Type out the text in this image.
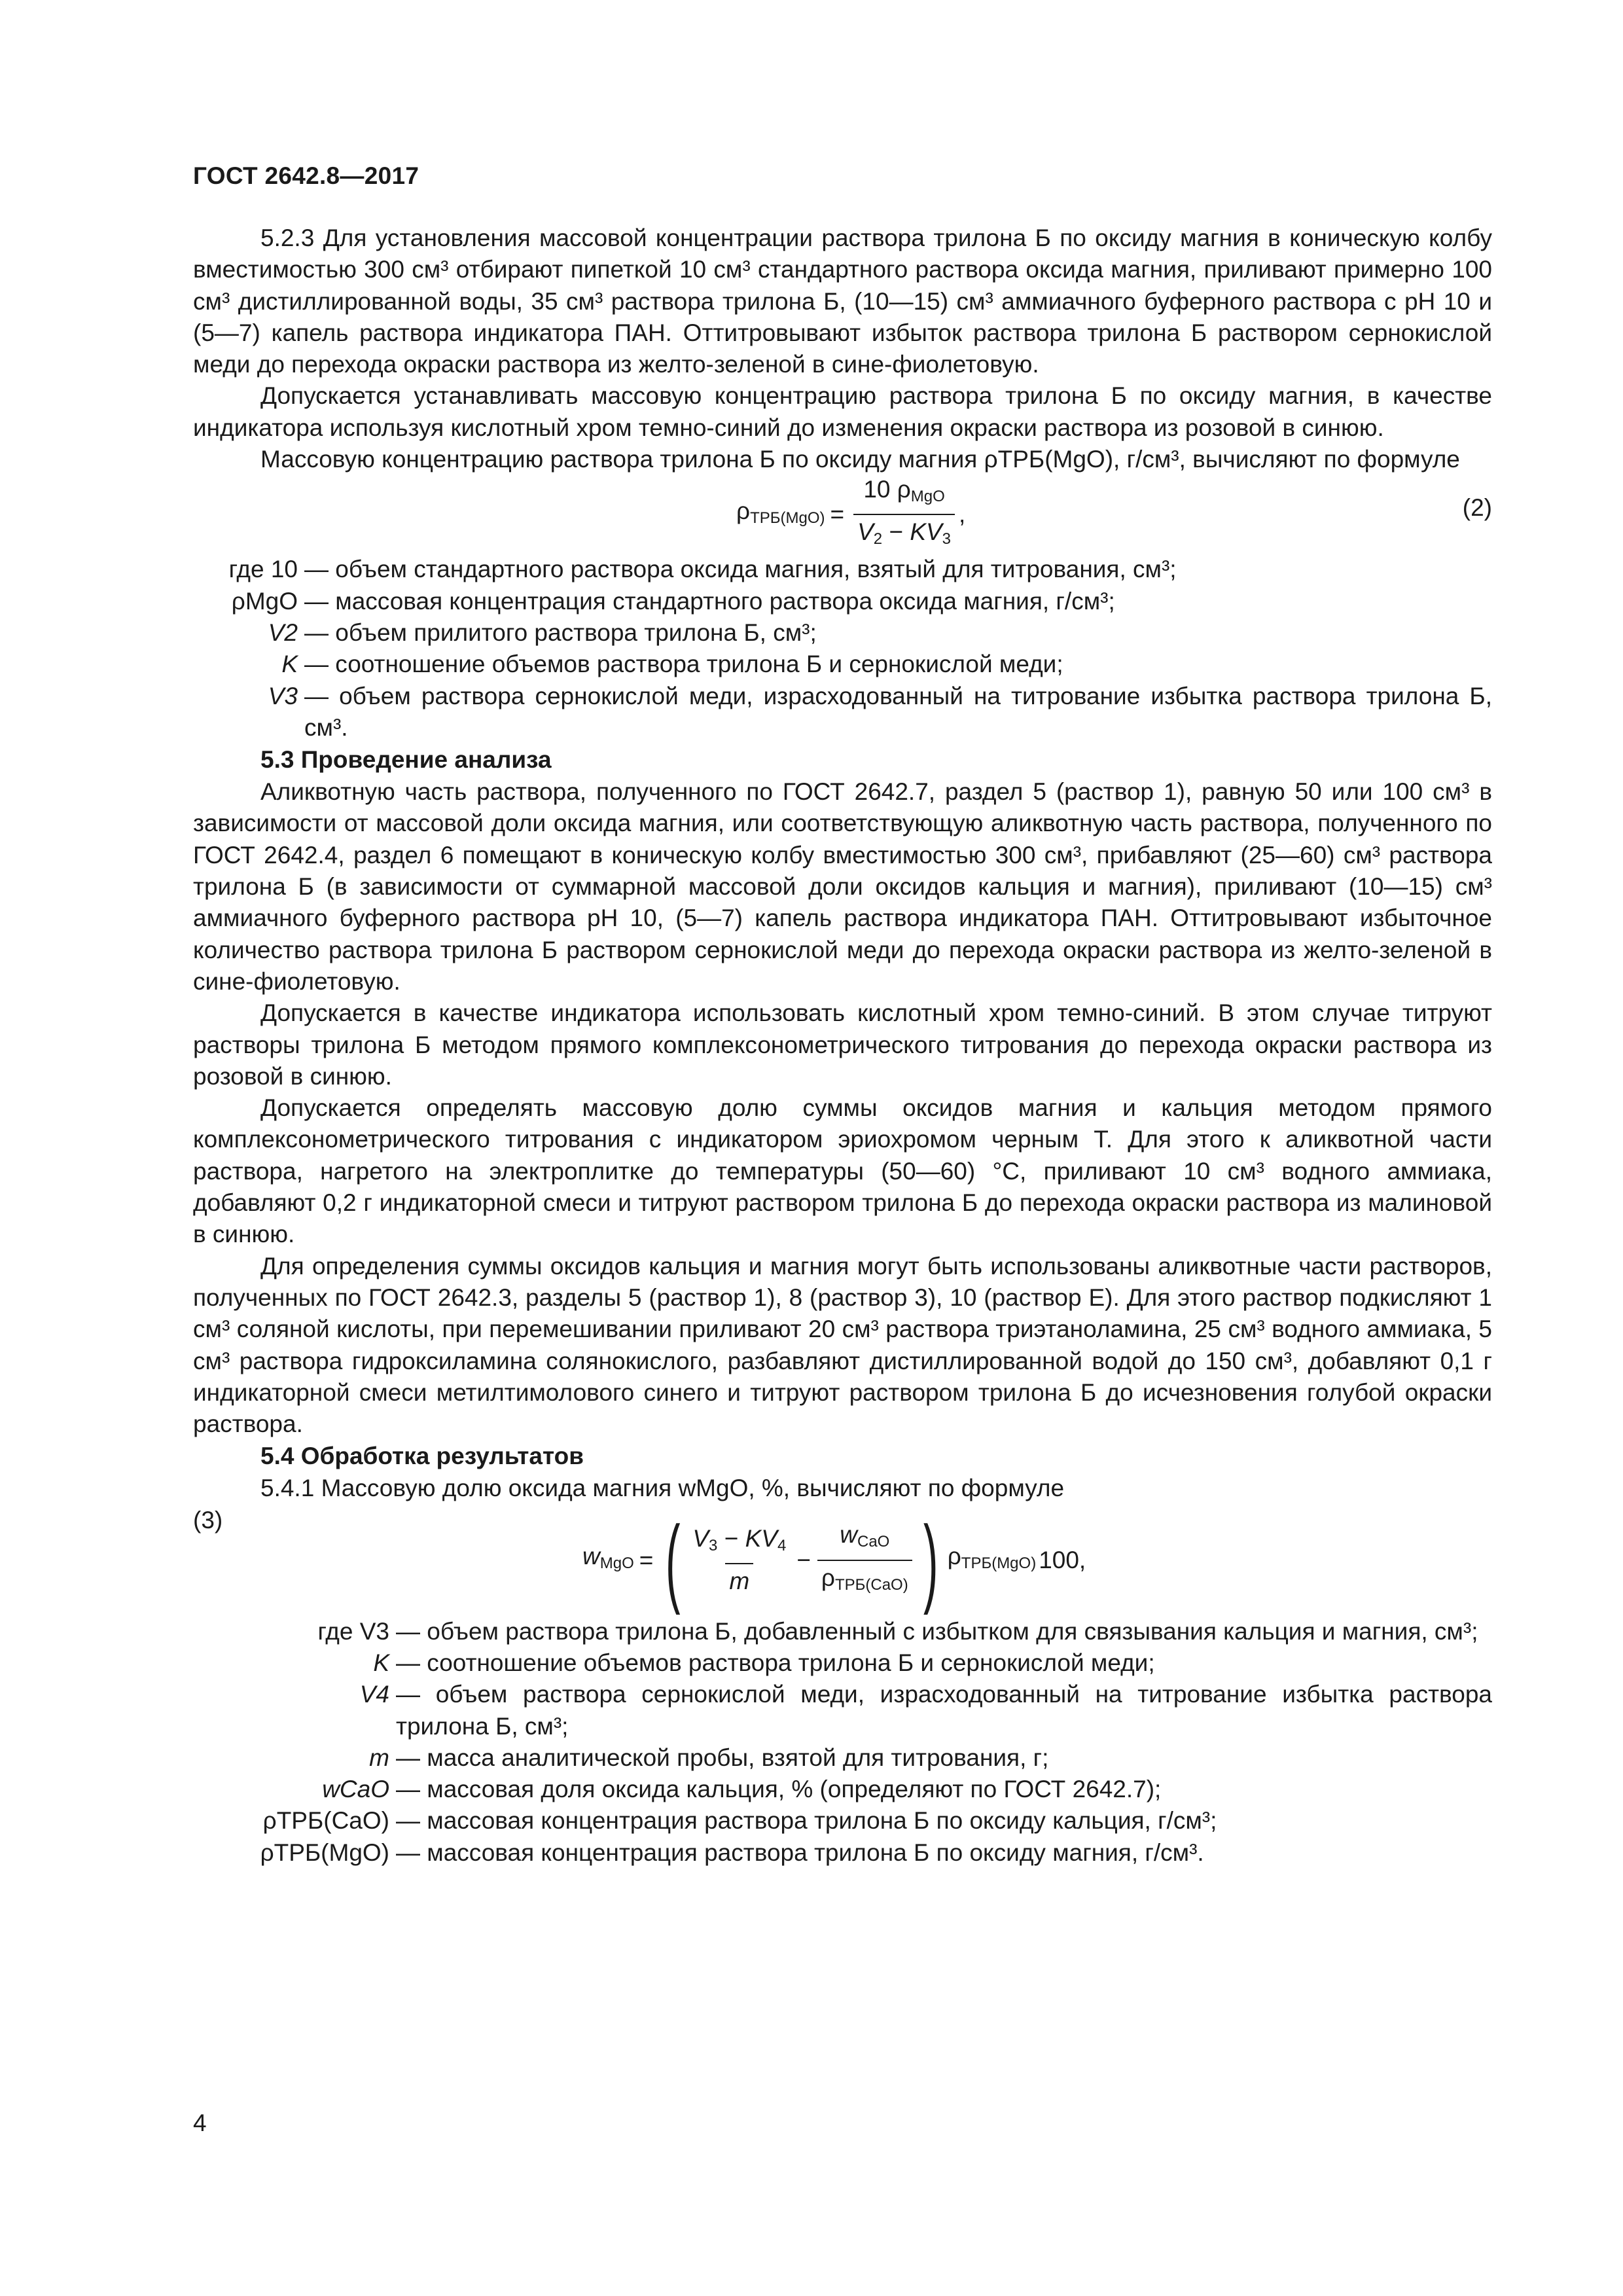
ГОСТ 2642.8—2017

5.2.3 Для установления массовой концентрации раствора трилона Б по оксиду магния в коническую колбу вместимостью 300 см³ отбирают пипеткой 10 см³ стандартного раствора оксида магния, приливают примерно 100 см³ дистиллированной воды, 35 см³ раствора трилона Б, (10—15) см³ аммиачного буферного раствора с рН 10 и (5—7) капель раствора индикатора ПАН. Оттитровывают избыток раствора трилона Б раствором сернокислой меди до перехода окраски раствора из желто-зеленой в сине-фиолетовую.

Допускается устанавливать массовую концентрацию раствора трилона Б по оксиду магния, в качестве индикатора используя кислотный хром темно-синий до изменения окраски раствора из розовой в синюю.

Массовую концентрацию раствора трилона Б по оксиду магния ρТРБ(MgO), г/см³, вычисляют по формуле

$\rho_{ТРБ(MgO)} = \frac{10 \rho_{MgO}}{V_2 - KV_3}$ ,	(2)
где 10 — объем стандартного раствора оксида магния, взятый для титрования, см³;
ρMgO — массовая концентрация стандартного раствора оксида магния, г/см³;
V2 — объем прилитого раствора трилона Б, см³;
K — соотношение объемов раствора трилона Б и сернокислой меди;
V3 — объем раствора сернокислой меди, израсходованный на титрование избытка раствора трилона Б, см³.
5.3 Проведение анализа

Аликвотную часть раствора, полученного по ГОСТ 2642.7, раздел 5 (раствор 1), равную 50 или 100 см³ в зависимости от массовой доли оксида магния, или соответствующую аликвотную часть раствора, полученного по ГОСТ 2642.4, раздел 6 помещают в коническую колбу вместимостью 300 см³, прибавляют (25—60) см³ раствора трилона Б (в зависимости от суммарной массовой доли оксидов кальция и магния), приливают (10—15) см³ аммиачного буферного раствора рН 10, (5—7) капель раствора индикатора ПАН. Оттитровывают избыточное количество раствора трилона Б раствором сернокислой меди до перехода окраски раствора из желто-зеленой в сине-фиолетовую.

Допускается в качестве индикатора использовать кислотный хром темно-синий. В этом случае титруют растворы трилона Б методом прямого комплексонометрического титрования до перехода окраски раствора из розовой в синюю.

Допускается определять массовую долю суммы оксидов магния и кальция методом прямого комплексонометрического титрования с индикатором эриохромом черным Т. Для этого к аликвотной части раствора, нагретого на электроплитке до температуры (50—60) °С, приливают 10 см³ водного аммиака, добавляют 0,2 г индикаторной смеси и титруют раствором трилона Б до перехода окраски раствора из малиновой в синюю.

Для определения суммы оксидов кальция и магния могут быть использованы аликвотные части растворов, полученных по ГОСТ 2642.3, разделы 5 (раствор 1), 8 (раствор 3), 10 (раствор Е). Для этого раствор подкисляют 1 см³ соляной кислоты, при перемешивании приливают 20 см³ раствора триэтаноламина, 25 см³ водного аммиака, 5 см³ раствора гидроксиламина солянокислого, разбавляют дистиллированной водой до 150 см³, добавляют 0,1 г индикаторной смеси метилтимолового синего и титруют раствором трилона Б до исчезновения голубой окраски раствора.

5.4 Обработка результатов

5.4.1 Массовую долю оксида магния wMgO, %, вычисляют по формуле

$w_{MgO}$ = ( $\frac{V_3 - KV_4}{m} - \frac{w_{CaO}}{\rho_{ТРБ(CaO)}}$ ) $\rho_{ТРБ(MgO)}$ 100,
(3)
где V3 — объем раствора трилона Б, добавленный с избытком для связывания кальция и магния, см³;
K — соотношение объемов раствора трилона Б и сернокислой меди;
V4 — объем раствора сернокислой меди, израсходованный на титрование избытка раствора трилона Б, см³;
m — масса аналитической пробы, взятой для титрования, г;
wCaO — массовая доля оксида кальция, % (определяют по ГОСТ 2642.7);
ρТРБ(CaO) — массовая концентрация раствора трилона Б по оксиду кальция, г/см³;
ρТРБ(MgO) — массовая концентрация раствора трилона Б по оксиду магния, г/см³.
4
